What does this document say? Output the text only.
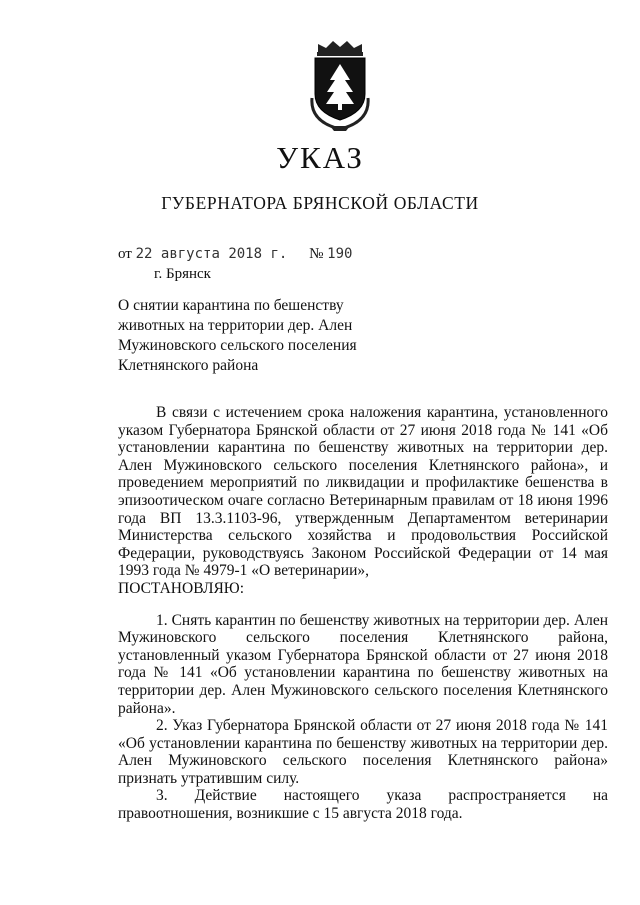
УКАЗ
ГУБЕРНАТОРА БРЯНСКОЙ ОБЛАСТИ
от 22 августа 2018 г. № 190
г. Брянск
О снятии карантина по бешенству
животных на территории дер. Ален
Мужиновского сельского поселения
Клетнянского района

В связи с истечением срока наложения карантина, установленного указом Губернатора Брянской области от 27 июня 2018 года № 141 «Об установлении карантина по бешенству животных на территории дер. Ален Мужиновского сельского поселения Клетнянского района», и проведением мероприятий по ликвидации и профилактике бешенства в эпизоотическом очаге согласно Ветеринарным правилам от 18 июня 1996 года ВП 13.3.1103-96, утвержденным Департаментом ветеринарии Министерства сельского хозяйства и продовольствия Российской Федерации, руководствуясь Законом Российской Федерации от 14 мая 1993 года № 4979-1 «О ветеринарии»,

ПОСТАНОВЛЯЮ:

1. Снять карантин по бешенству животных на территории дер. Ален Мужиновского сельского поселения Клетнянского района, установленный указом Губернатора Брянской области от 27 июня 2018 года № 141 «Об установлении карантина по бешенству животных на территории дер. Ален Мужиновского сельского поселения Клетнянского района».

2. Указ Губернатора Брянской области от 27 июня 2018 года № 141 «Об установлении карантина по бешенству животных на территории дер. Ален Мужиновского сельского поселения Клетнянского района» признать утратившим силу.

3. Действие настоящего указа распространяется на правоотношения, возникшие с 15 августа 2018 года.
